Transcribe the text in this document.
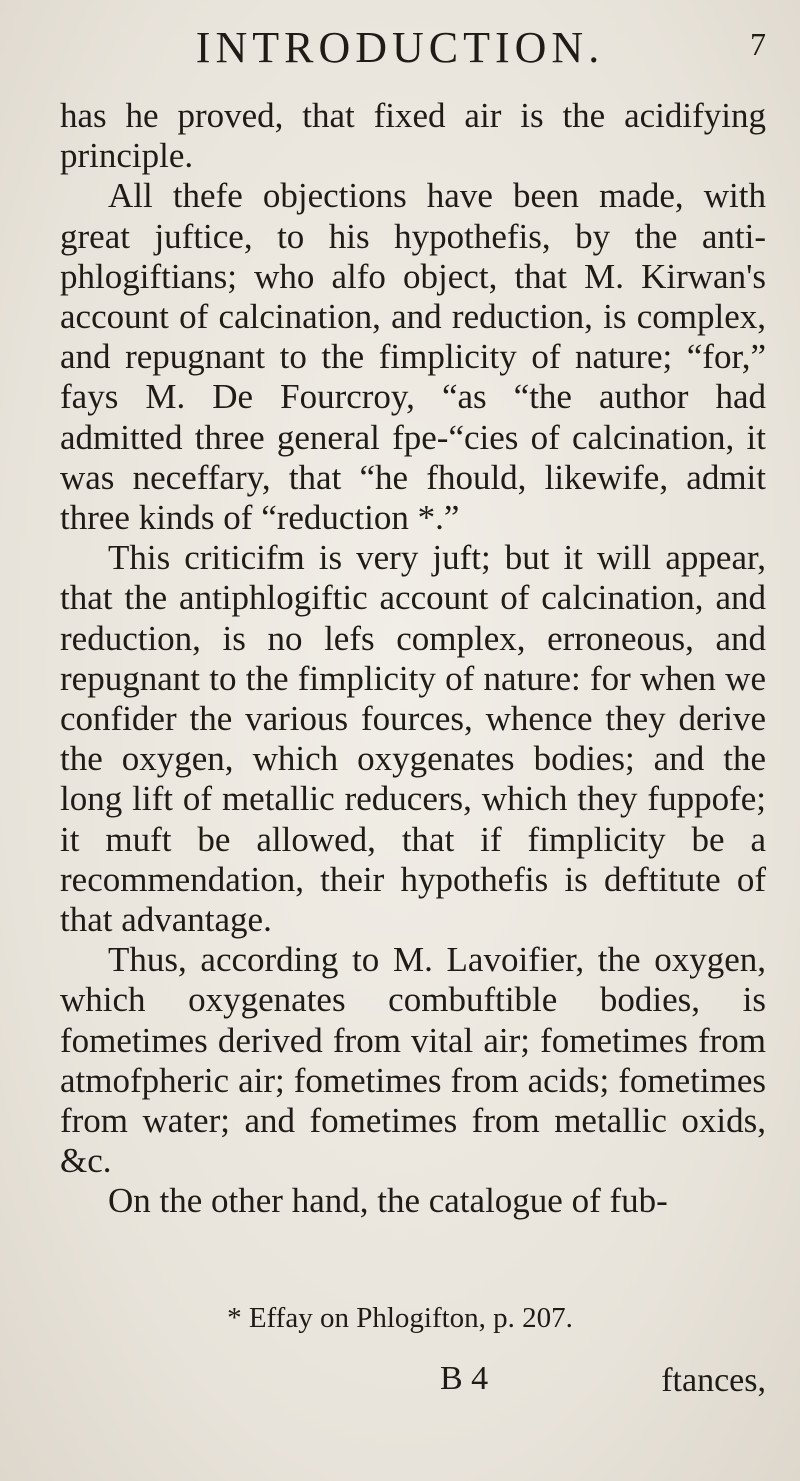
INTRODUCTION.	7

has he proved, that fixed air is the acidifying principle.

All thefe objections have been made, with great juftice, to his hypothefis, by the anti-phlogiftians; who alfo object, that M. Kirwan's account of calcination, and reduction, is complex, and repugnant to the fimplicity of nature; “for,” fays M. De Fourcroy, “as “the author had admitted three general fpe-“cies of calcination, it was neceffary, that “he fhould, likewife, admit three kinds of “reduction *.”

This criticifm is very juft; but it will appear, that the antiphlogiftic account of calcination, and reduction, is no lefs complex, erroneous, and repugnant to the fimplicity of nature: for when we confider the various fources, whence they derive the oxygen, which oxygenates bodies; and the long lift of metallic reducers, which they fuppofe; it muft be allowed, that if fimplicity be a recommendation, their hypothefis is deftitute of that advantage.

Thus, according to M. Lavoifier, the oxygen, which oxygenates combuftible bodies, is fometimes derived from vital air; fometimes from atmofpheric air; fometimes from acids; fometimes from water; and fometimes from metallic oxids, &c.

On the other hand, the catalogue of fub-

* Effay on Phlogifton, p. 207.
B 4	ftances,
